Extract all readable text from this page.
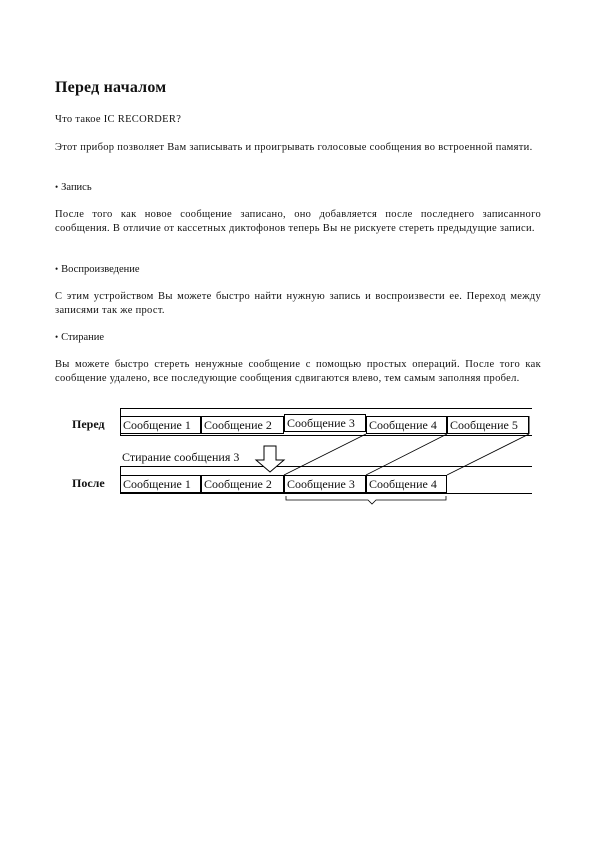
Перед началом

Что такое IC RECORDER?

Этот прибор позволяет Вам записывать и проигрывать голосовые сообщения во встроенной памяти.

• Запись

После того как новое сообщение записано, оно добавляется после последнего записанного сообщения. В отличие от кассетных диктофонов теперь Вы не рискуете стереть предыдущие записи.

• Воспроизведение

С этим устройством Вы можете быстро найти нужную запись и воспроизвести ее. Переход между записями так же прост.

• Стирание

Вы можете быстро стереть ненужные сообщение с помощью простых операций. После того как сообщение удалено, все последующие сообщения сдвигаются влево, тем самым заполняя пробел.

Перед
После
Сообщение 1	Сообщение 2	Сообщение 3	Сообщение 4	Сообщение 5
Стирание сообщения 3
Сообщение 1	Сообщение 2	Сообщение 3	Сообщение 4
